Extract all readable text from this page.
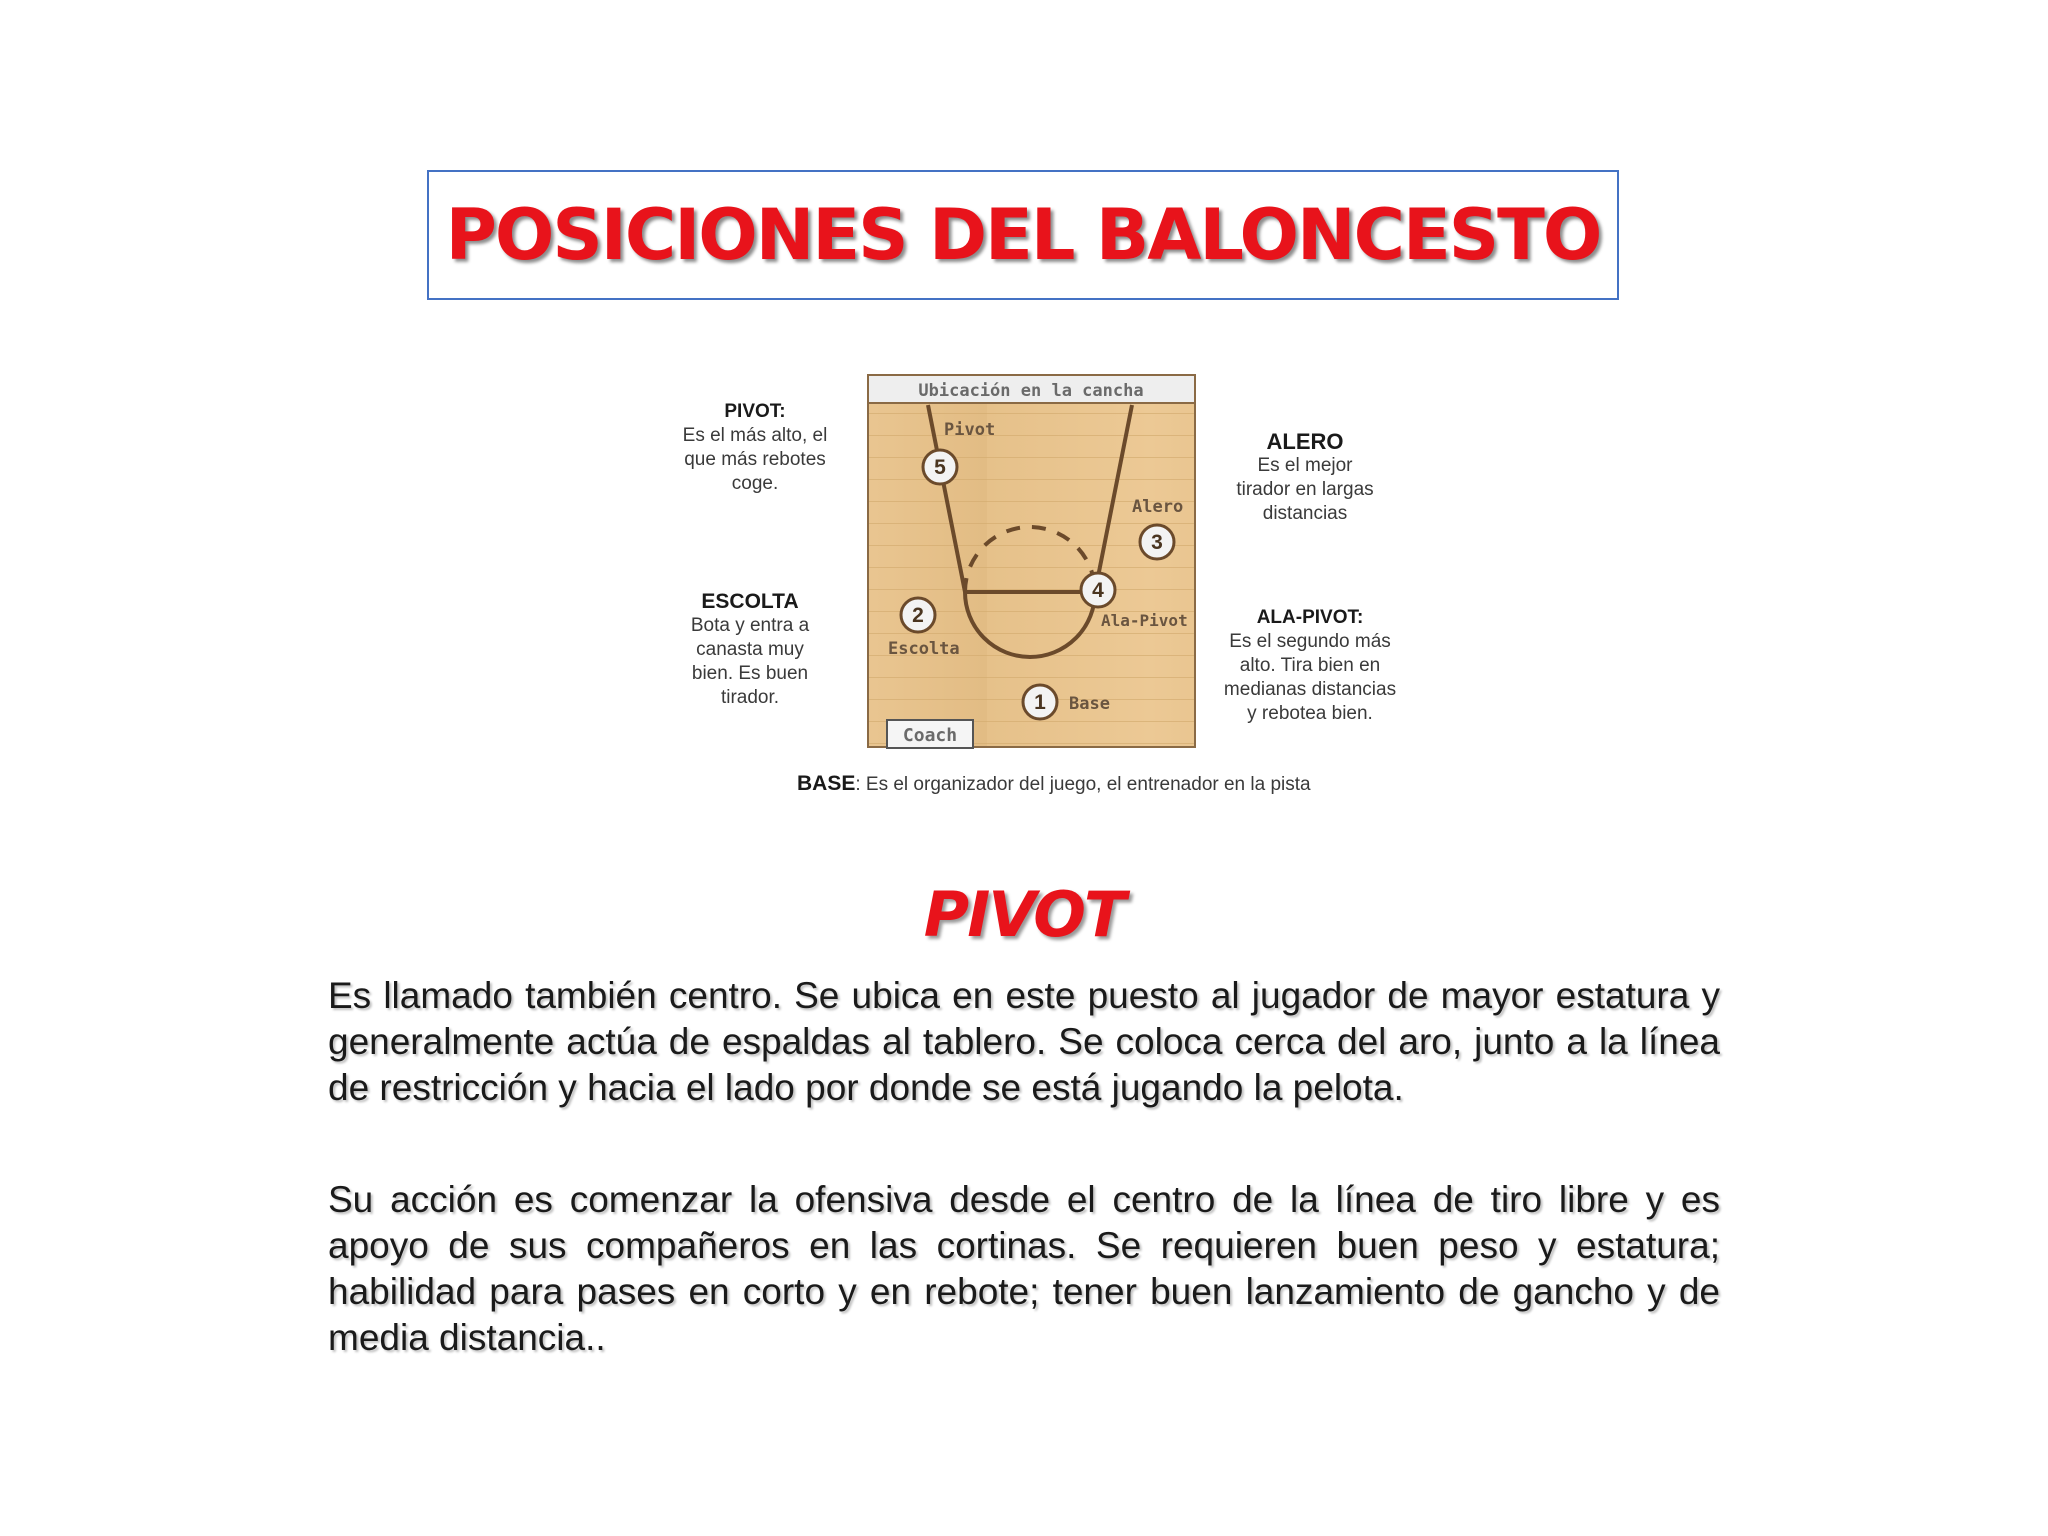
POSICIONES DEL BALONCESTO
Ubicación en la cancha
5
3
4
2
1
Pivot
Alero
Ala-Pivot
Escolta
Base
Coach
PIVOT:
Es el más alto, el
que más rebotes
coge.
ESCOLTA
Bota y entra a
canasta muy
bien. Es buen
tirador.
ALERO
Es el mejor
tirador en largas
distancias
ALA-PIVOT:
Es el segundo más
alto. Tira bien en
medianas distancias
y rebotea bien.
BASE: Es el organizador del juego, el entrenador en la pista
PIVOT
Es llamado también centro. Se ubica en este puesto al jugador de mayor estatura y generalmente actúa de espaldas al tablero. Se coloca cerca del aro, junto a la línea de restricción y hacia el lado por donde se está jugando la pelota.
Su acción es comenzar la ofensiva desde el centro de la línea de tiro libre y es apoyo de sus compañeros en las cortinas. Se requieren buen peso y estatura; habilidad para pases en corto y en rebote; tener buen lanzamiento de gancho y de media distancia..
